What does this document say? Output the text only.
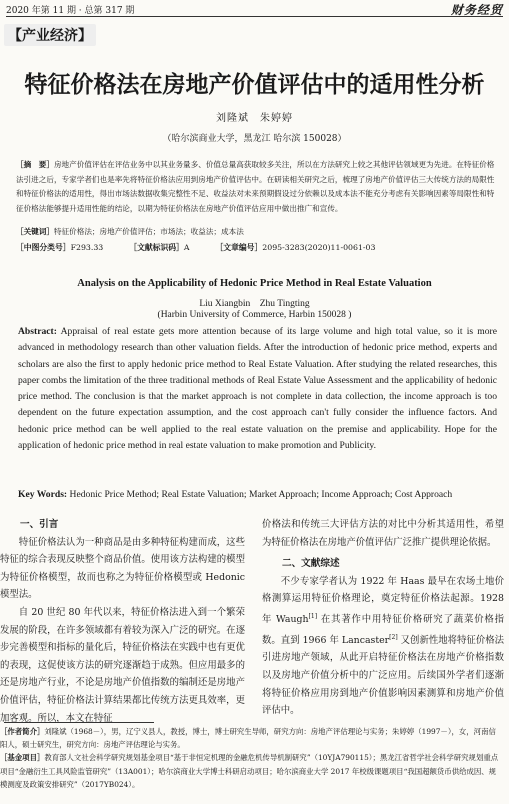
2020 年第 11 期 · 总第 317 期	财务经贸
【产业经济】
特征价格法在房地产价值评估中的适用性分析
刘隆斌　朱婷婷
（哈尔滨商业大学，黑龙江 哈尔滨 150028）
［摘　要］房地产价值评估在评估业务中以其业务量多、价值总量高获取较多关注，所以在方法研究上较之其他评估领域更为先进。在特征价格法引进之后，专家学者们也是率先将特征价格法应用到房地产价值评估中。在研读相关研究之后，梳理了房地产价值评估三大传统方法的局限性和特征价格法的适用性，得出市场法数据收集完整性不足、收益法对未来预期假设过分依赖以及成本法不能充分考虑有关影响因素等局限性和特征价格法能够提升适用性能的结论，以期为特征价格法在房地产价值评估应用中做出推广和宣传。
［关键词］特征价格法；房地产价值评估；市场法；收益法；成本法
［中图分类号］F293.33	［文献标识码］A	［文章编号］2095-3283(2020)11-0061-03
Analysis on the Applicability of Hedonic Price Method in Real Estate Valuation
Liu Xiangbin　Zhu Tingting
(Harbin University of Commerce, Harbin 150028 )
Abstract: Appraisal of real estate gets more attention because of its large volume and high total value, so it is more advanced in methodology research than other valuation fields. After the introduction of hedonic price method, experts and scholars are also the first to apply hedonic price method to Real Estate Valuation. After studying the related researches, this paper combs the limitation of the three traditional methods of Real Estate Value Assessment and the applicability of hedonic price method. The conclusion is that the market approach is not complete in data collection, the income approach is too dependent on the future expectation assumption, and the cost approach can't fully consider the influence factors. And hedonic price method can be well applied to the real estate valuation on the premise and applicability. Hope for the application of hedonic price method in real estate valuation to make promotion and Publicity.
Key Words: Hedonic Price Method; Real Estate Valuation; Market Approach; Income Approach; Cost Approach
一、引言

特征价格法认为一种商品是由多种特征构建而成，这些特征的综合表现反映整个商品价值。使用该方法构建的模型为特征价格模型，故而也称之为特征价格模型或 Hedonic 模型法。

自 20 世纪 80 年代以来，特征价格法进入到一个繁荣发展的阶段，在许多领域都有着较为深入广泛的研究。在逐步完善模型和指标的量化后，特征价格法在实践中也有更优的表现，这促使该方法的研究逐渐趋于成熟。但应用最多的还是房地产行业，不论是房地产价值指数的编制还是房地产价值评估，特征价格法计算结果都比传统方法更具效率，更加客观。所以，本文在特征

价格法和传统三大评估方法的对比中分析其适用性，希望为特征价格法在房地产价值评估广泛推广提供理论依据。

二、文献综述

不少专家学者认为 1922 年 Haas 最早在农场土地价格测算运用特征价格理论，奠定特征价格法起源。1928 年 Waugh[1] 在其著作中用特征价格研究了蔬菜价格指数。直到 1966 年 Lancaster[2] 又创新性地将特征价格法引进房地产领域，从此开启特征价格法在房地产价格指数以及房地产价值分析中的广泛应用。后续国外学者们逐渐将特征价格应用房到地产价值影响因素测算和房地产价值评估中。

［作者简介］刘隆斌（1968－），男，辽宁义县人，教授，博士，博士研究生导师，研究方向：房地产评估理论与实务；朱婷婷（1997－），女，河南信阳人，硕士研究生，研究方向：房地产评估理论与实务。

［基金项目］教育部人文社会科学研究规划基金项目“基于非恒定机理的金融危机传导机制研究”（10YJA790115）；黑龙江省哲学社会科学研究规划重点项目“金融衍生工具风险监管研究”（13A001）；哈尔滨商业大学博士科研启动项目；哈尔滨商业大学 2017 年校级课题项目“我国超额货币供给成因、规模测度及政策安排研究”（2017YB024）。
